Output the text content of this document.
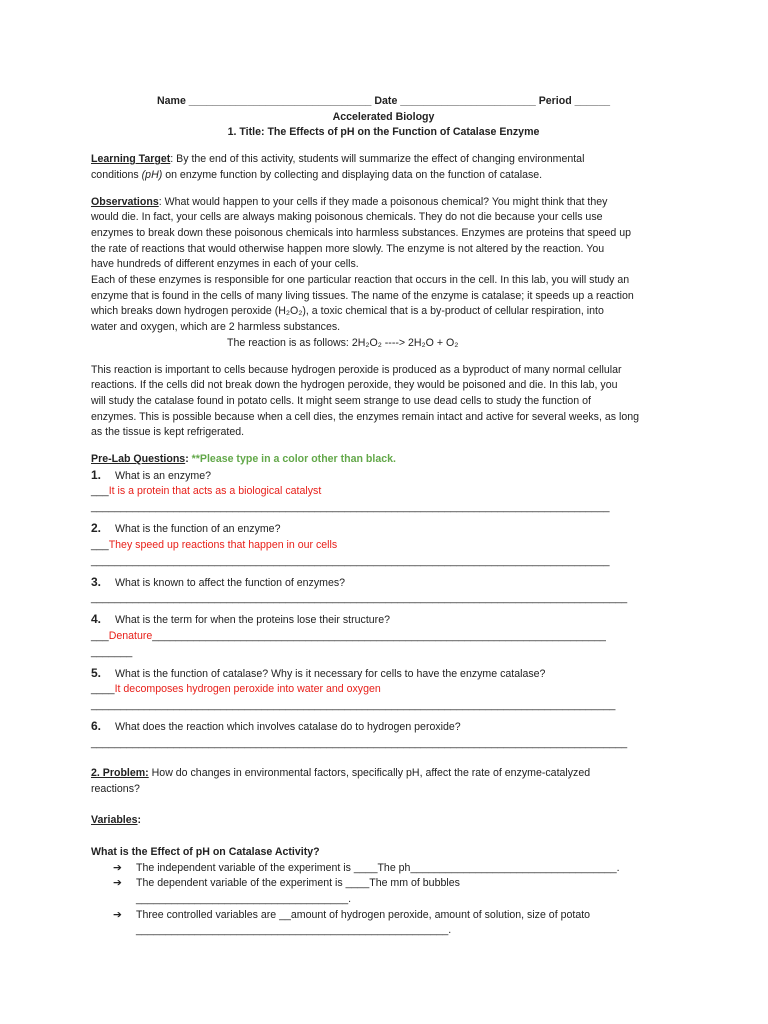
Name _______________________________ Date _______________________ Period ______
Accelerated Biology
1. Title: The Effects of pH on the Function of Catalase Enzyme
Learning Target: By the end of this activity, students will summarize the effect of changing environmental
conditions (pH) on enzyme function by collecting and displaying data on the function of catalase.
Observations: What would happen to your cells if they made a poisonous chemical? You might think that they
would die. In fact, your cells are always making poisonous chemicals. They do not die because your cells use
enzymes to break down these poisonous chemicals into harmless substances. Enzymes are proteins that speed up
the rate of reactions that would otherwise happen more slowly. The enzyme is not altered by the reaction. You
have hundreds of different enzymes in each of your cells.
Each of these enzymes is responsible for one particular reaction that occurs in the cell. In this lab, you will study an
enzyme that is found in the cells of many living tissues. The name of the enzyme is catalase; it speeds up a reaction
which breaks down hydrogen peroxide (H₂O₂), a toxic chemical that is a by-product of cellular respiration, into
water and oxygen, which are 2 harmless substances.
The reaction is as follows: 2H₂O₂ ----> 2H₂O + O₂
This reaction is important to cells because hydrogen peroxide is produced as a byproduct of many normal cellular
reactions. If the cells did not break down the hydrogen peroxide, they would be poisoned and die. In this lab, you
will study the catalase found in potato cells. It might seem strange to use dead cells to study the function of
enzymes. This is possible because when a cell dies, the enzymes remain intact and active for several weeks, as long
as the tissue is kept refrigerated.
Pre-Lab Questions: **Please type in a color other than black.
1. What is an enzyme?
___It is a protein that acts as a biological catalyst
________________________________________________________________________________________
2. What is the function of an enzyme?
___They speed up reactions that happen in our cells
________________________________________________________________________________________
3. What is known to affect the function of enzymes?
___________________________________________________________________________________________
4. What is the term for when the proteins lose their structure?
___Denature_____________________________________________________________________________
_______
5. What is the function of catalase? Why is it necessary for cells to have the enzyme catalase?
____It decomposes hydrogen peroxide into water and oxygen
_________________________________________________________________________________________
6. What does the reaction which involves catalase do to hydrogen peroxide?
___________________________________________________________________________________________
2. Problem: How do changes in environmental factors, specifically pH, affect the rate of enzyme-catalyzed
reactions?
Variables:
What is the Effect of pH on Catalase Activity?
➔ The independent variable of the experiment is ____The ph___________________________________.
➔ The dependent variable of the experiment is ____The mm of bubbles
____________________________________.
➔ Three controlled variables are __amount of hydrogen peroxide, amount of solution, size of potato
_____________________________________________________.
